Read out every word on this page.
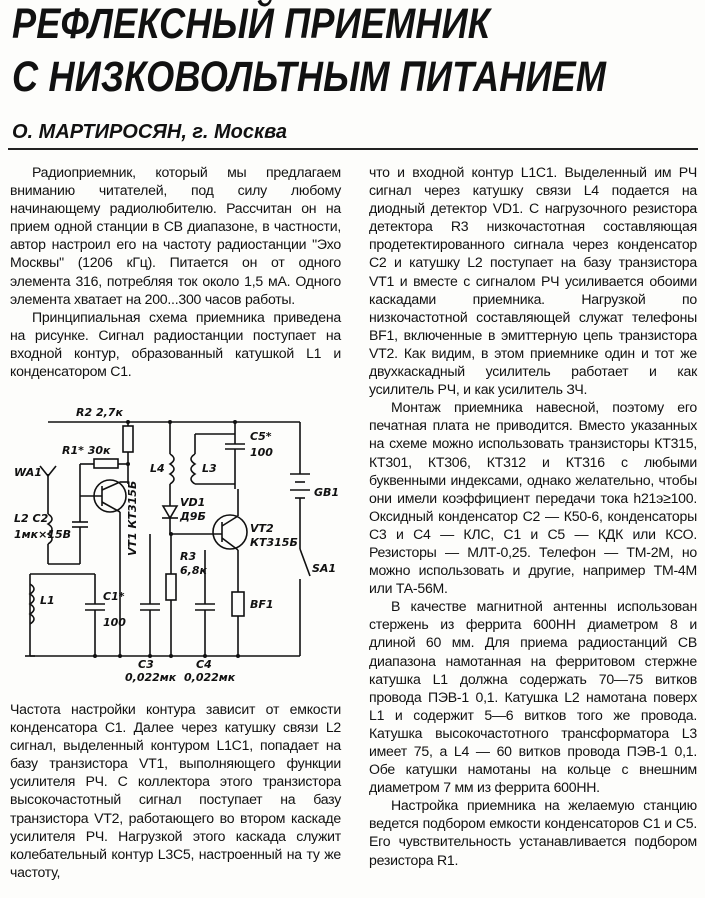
РЕФЛЕКСНЫЙ ПРИЕМНИК
С НИЗКОВОЛЬТНЫМ ПИТАНИЕМ
О. МАРТИРОСЯН, г. Москва

Радиоприемник, который мы предлагаем вниманию читателей, под силу любому начинающему радиолюбителю. Рассчитан он на прием одной станции в СВ диапазоне, в частности, автор настроил его на частоту радиостанции "Эхо Москвы" (1206 кГц). Питается он от одного элемента 316, потребляя ток около 1,5 мА. Одного элемента хватает на 200...300 часов работы.

Принципиальная схема приемника приведена на рисунке. Сигнал радиостанции поступает на входной контур, образованный катушкой L1 и конденсатором C1.

R2 2,7к
R1* 30к
C5*
100
GB1
WA1	L4	L3
VD1
Д9Б
L2 C2
1мк×15В	VT1 КТ315Б	VT2
КТ315Б
R3
6,8к	SA1
L1	C1*
100
BF1
C3
0,022мк
C4
0,022мк

Частота настройки контура зависит от емкости конденсатора C1. Далее через катушку связи L2 сигнал, выделенный контуром L1C1, попадает на базу транзистора VT1, выполняющего функции усилителя РЧ. С коллектора этого транзистора высокочастотный сигнал поступает на базу транзистора VT2, работающего во втором каскаде усилителя РЧ. Нагрузкой этого каскада служит колебательный контур L3C5, настроенный на ту же частоту,

что и входной контур L1C1. Выделенный им РЧ сигнал через катушку связи L4 подается на диодный детектор VD1. С нагрузочного резистора детектора R3 низкочастотная составляющая продетектированного сигнала через конденсатор C2 и катушку L2 поступает на базу транзистора VT1 и вместе с сигналом РЧ усиливается обоими каскадами приемника. Нагрузкой по низкочастотной составляющей служат телефоны BF1, включенные в эмиттерную цепь транзистора VT2. Как видим, в этом приемнике один и тот же двухкаскадный усилитель работает и как усилитель РЧ, и как усилитель ЗЧ.

Монтаж приемника навесной, поэтому его печатная плата не приводится. Вместо указанных на схеме можно использовать транзисторы КТ315, КТ301, КТ306, КТ312 и КТ316 с любыми буквенными индексами, однако желательно, чтобы они имели коэффициент передачи тока h21э≥100. Оксидный конденсатор C2 — К50-6, конденсаторы C3 и C4 — КЛС, C1 и C5 — КДК или КСО. Резисторы — МЛТ-0,25. Телефон — ТМ-2М, но можно использовать и другие, например ТМ-4М или ТА-56М.

В качестве магнитной антенны использован стержень из феррита 600НН диаметром 8 и длиной 60 мм. Для приема радиостанций СВ диапазона намотанная на ферритовом стержне катушка L1 должна содержать 70—75 витков провода ПЭВ-1 0,1. Катушка L2 намотана поверх L1 и содержит 5—6 витков того же провода. Катушка высокочастотного трансформатора L3 имеет 75, а L4 — 60 витков провода ПЭВ-1 0,1. Обе катушки намотаны на кольце с внешним диаметром 7 мм из феррита 600НН.

Настройка приемника на желаемую станцию ведется подбором емкости конденсаторов C1 и C5. Его чувствительность устанавливается подбором резистора R1.
